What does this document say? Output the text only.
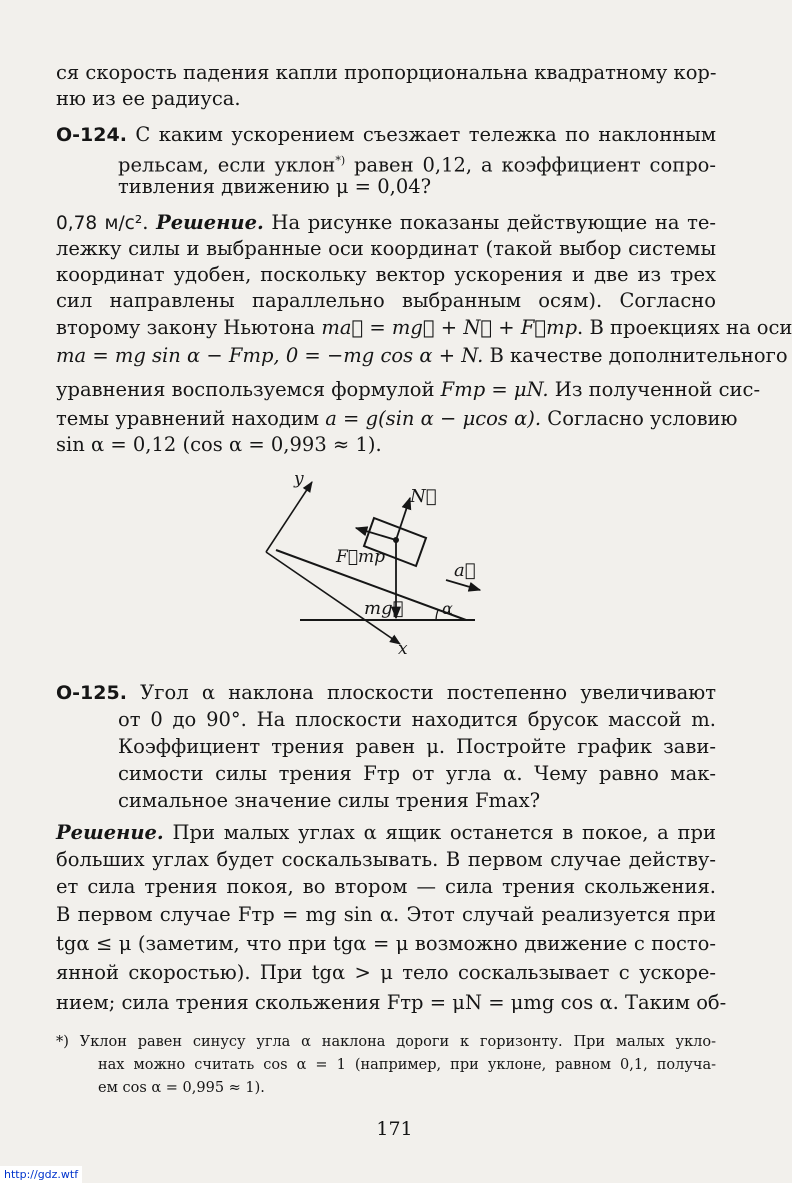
ся скорость падения капли пропорциональна квадратному кор-
ню из ее радиуса.
О-124. С каким ускорением съезжает тележка по наклонным
рельсам, если уклон*) равен 0,12, а коэффициент сопро-
тивления движению μ = 0,04?
0,78 м/с². Решение. На рисунке показаны действующие на те-
лежку силы и выбранные оси координат (такой выбор системы
координат удобен, поскольку вектор ускорения и две из трех
сил направлены параллельно выбранным осям). Согласно
второму закону Ньютона ma⃗ = mg⃗ + N⃗ + F⃗тр. В проекциях на оси
ma = mg sin α − Fтр, 0 = −mg cos α + N. В качестве дополнительного
уравнения воспользуемся формулой Fтр = μN. Из полученной сис-
темы уравнений находим a = g(sin α − μcos α). Согласно условию
sin α = 0,12 (cos α = 0,993 ≈ 1).
y
x
N⃗
F⃗тр
a⃗
mg⃗ α
О-125. Угол α наклона плоскости постепенно увеличивают
от 0 до 90°. На плоскости находится брусок массой m.
Коэффициент трения равен μ. Постройте график зави-
симости силы трения Fтр от угла α. Чему равно мак-
симальное значение силы трения Fmax?
Решение. При малых углах α ящик останется в покое, а при
больших углах будет соскальзывать. В первом случае действу-
ет сила трения покоя, во втором — сила трения скольжения.
В первом случае Fтр = mg sin α. Этот случай реализуется при
tgα ≤ μ (заметим, что при tgα = μ возможно движение с посто-
янной скоростью). При tgα > μ тело соскальзывает с ускоре-
нием; сила трения скольжения Fтр = μN = μmg cos α. Таким об-
*) Уклон равен синусу угла α наклона дороги к горизонту. При малых укло-
нах можно считать cos α = 1 (например, при уклоне, равном 0,1, получа-
ем cos α = 0,995 ≈ 1).
171
http://gdz.wtf
